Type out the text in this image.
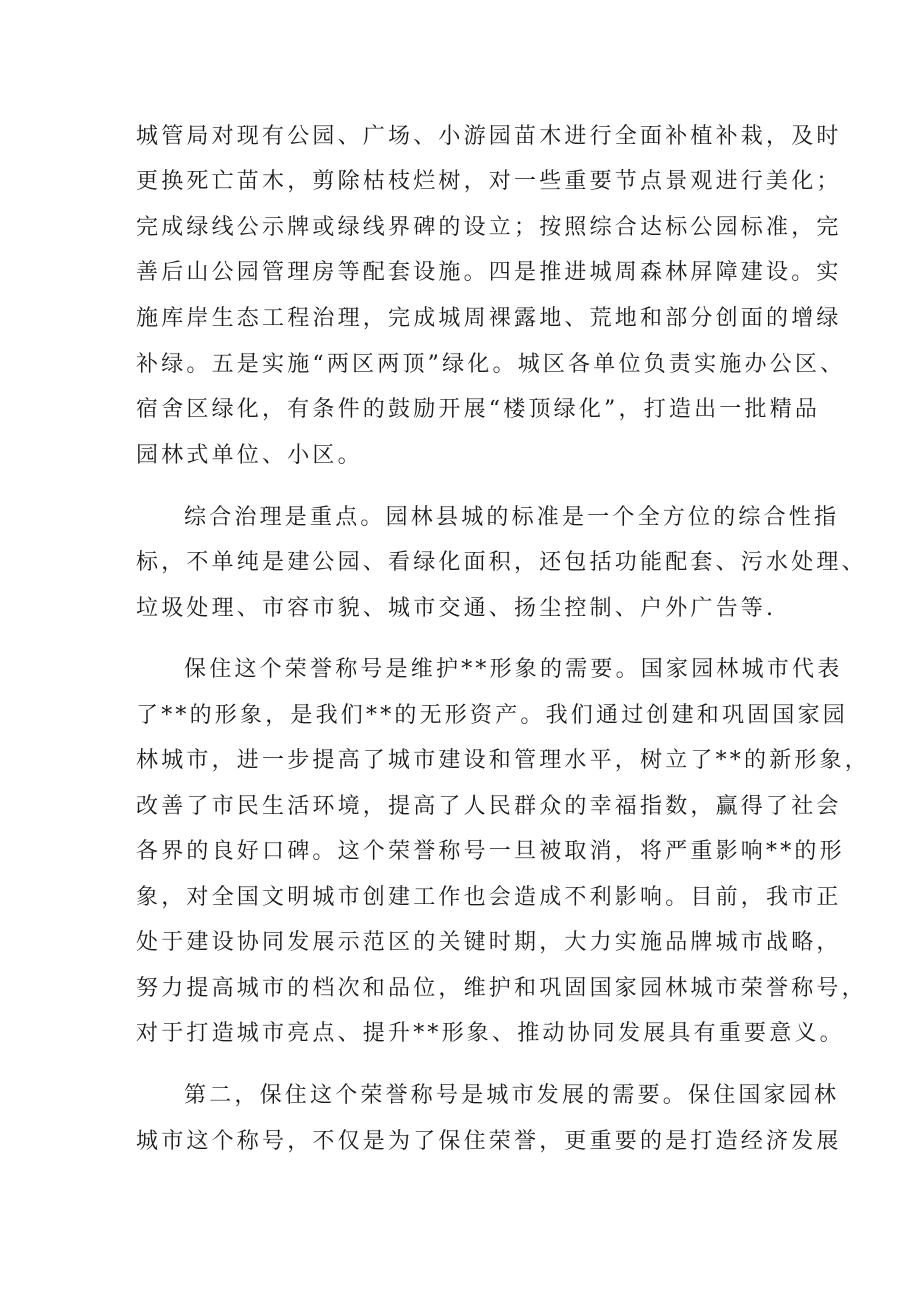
城管局对现有公园、广场、小游园苗木进行全面补植补栽，及时
更换死亡苗木，剪除枯枝烂树，对一些重要节点景观进行美化；
完成绿线公示牌或绿线界碑的设立；按照综合达标公园标准，完
善后山公园管理房等配套设施。四是推进城周森林屏障建设。实
施库岸生态工程治理，完成城周裸露地、荒地和部分创面的增绿
补绿。五是实施“两区两顶”绿化。城区各单位负责实施办公区、
宿舍区绿化，有条件的鼓励开展“楼顶绿化”，打造出一批精品
园林式单位、小区。
综合治理是重点。园林县城的标准是一个全方位的综合性指
标，不单纯是建公园、看绿化面积，还包括功能配套、污水处理、
垃圾处理、市容市貌、城市交通、扬尘控制、户外广告等.
保住这个荣誉称号是维护**形象的需要。国家园林城市代表
了**的形象，是我们**的无形资产。我们通过创建和巩固国家园
林城市，进一步提高了城市建设和管理水平，树立了**的新形象，
改善了市民生活环境，提高了人民群众的幸福指数，赢得了社会
各界的良好口碑。这个荣誉称号一旦被取消，将严重影响**的形
象，对全国文明城市创建工作也会造成不利影响。目前，我市正
处于建设协同发展示范区的关键时期，大力实施品牌城市战略，
努力提高城市的档次和品位，维护和巩固国家园林城市荣誉称号，
对于打造城市亮点、提升**形象、推动协同发展具有重要意义。
第二，保住这个荣誉称号是城市发展的需要。保住国家园林
城市这个称号，不仅是为了保住荣誉，更重要的是打造经济发展
